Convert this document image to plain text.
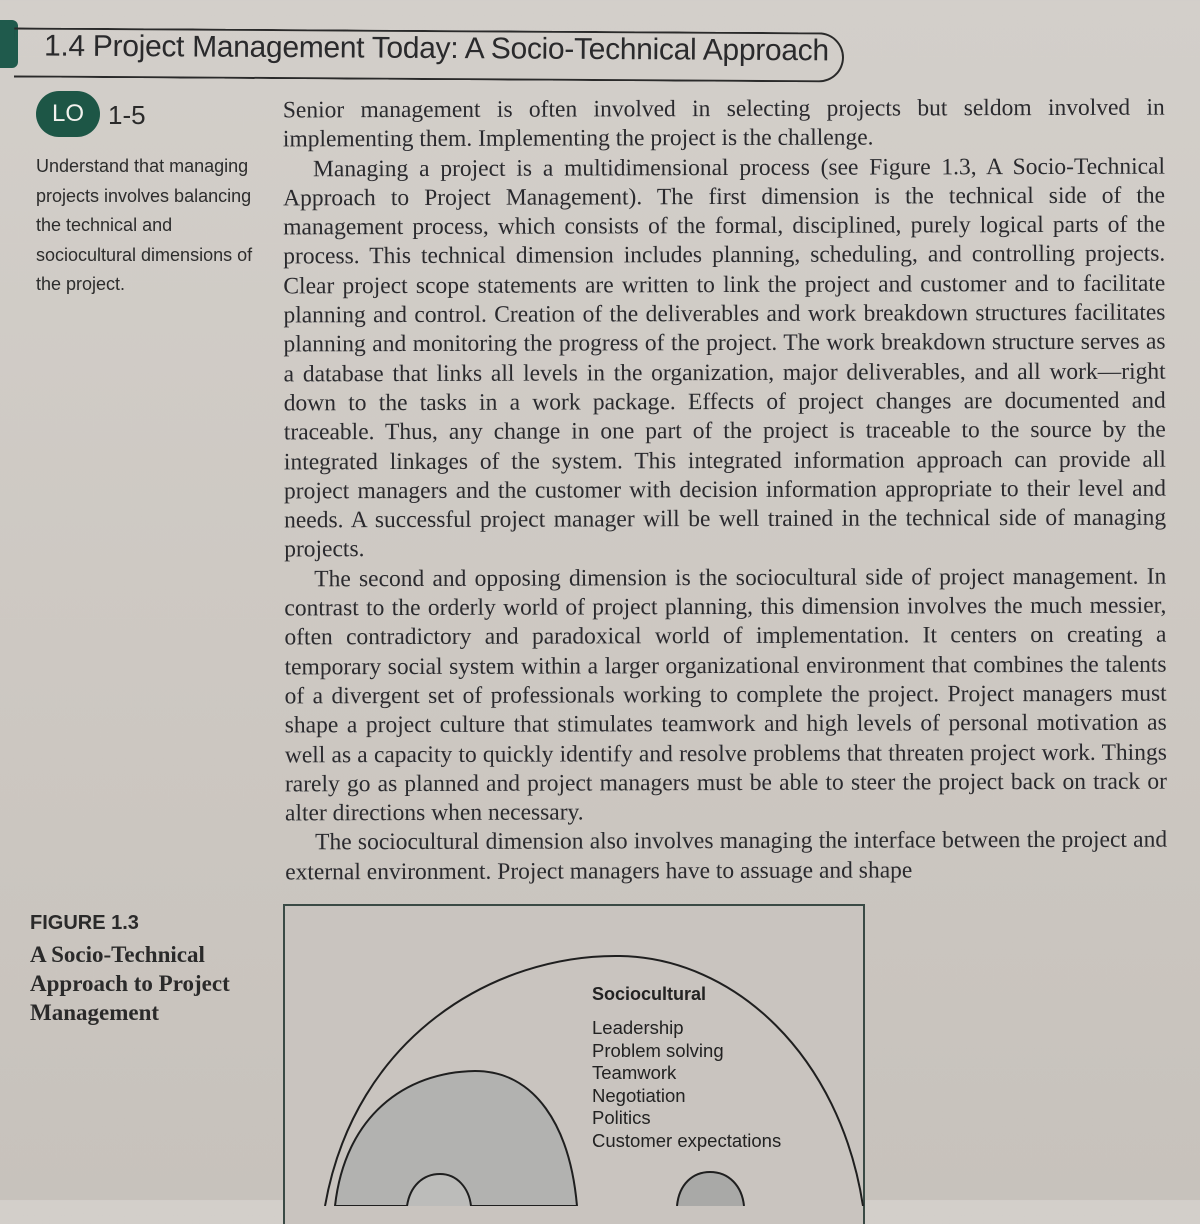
1.4 Project Management Today: A Socio-Technical Approach
LO 1-5
Understand that managing projects involves balancing the technical and sociocultural dimensions of the project.

Senior management is often involved in selecting projects but seldom involved in implementing them. Implementing the project is the challenge.

Managing a project is a multidimensional process (see Figure 1.3, A Socio-Technical Approach to Project Management). The first dimension is the technical side of the management process, which consists of the formal, disciplined, purely logical parts of the process. This technical dimension includes planning, scheduling, and controlling projects. Clear project scope statements are written to link the project and customer and to facilitate planning and control. Creation of the deliverables and work breakdown structures facilitates planning and monitoring the progress of the project. The work breakdown structure serves as a database that links all levels in the organization, major deliverables, and all work—right down to the tasks in a work package. Effects of project changes are documented and traceable. Thus, any change in one part of the project is traceable to the source by the integrated linkages of the system. This integrated information approach can provide all project managers and the customer with decision information appropriate to their level and needs. A successful project manager will be well trained in the technical side of managing projects.

The second and opposing dimension is the sociocultural side of project management. In contrast to the orderly world of project planning, this dimension involves the much messier, often contradictory and paradoxical world of implementation. It centers on creating a temporary social system within a larger organizational environment that combines the talents of a divergent set of professionals working to complete the project. Project managers must shape a project culture that stimulates teamwork and high levels of personal motivation as well as a capacity to quickly identify and resolve problems that threaten project work. Things rarely go as planned and project managers must be able to steer the project back on track or alter directions when necessary.

The sociocultural dimension also involves managing the interface between the project and external environment. Project managers have to assuage and shape

FIGURE 1.3
A Socio-Technical Approach to Project Management
Sociocultural
Leadership
Problem solving
Teamwork
Negotiation
Politics
Customer expectations
